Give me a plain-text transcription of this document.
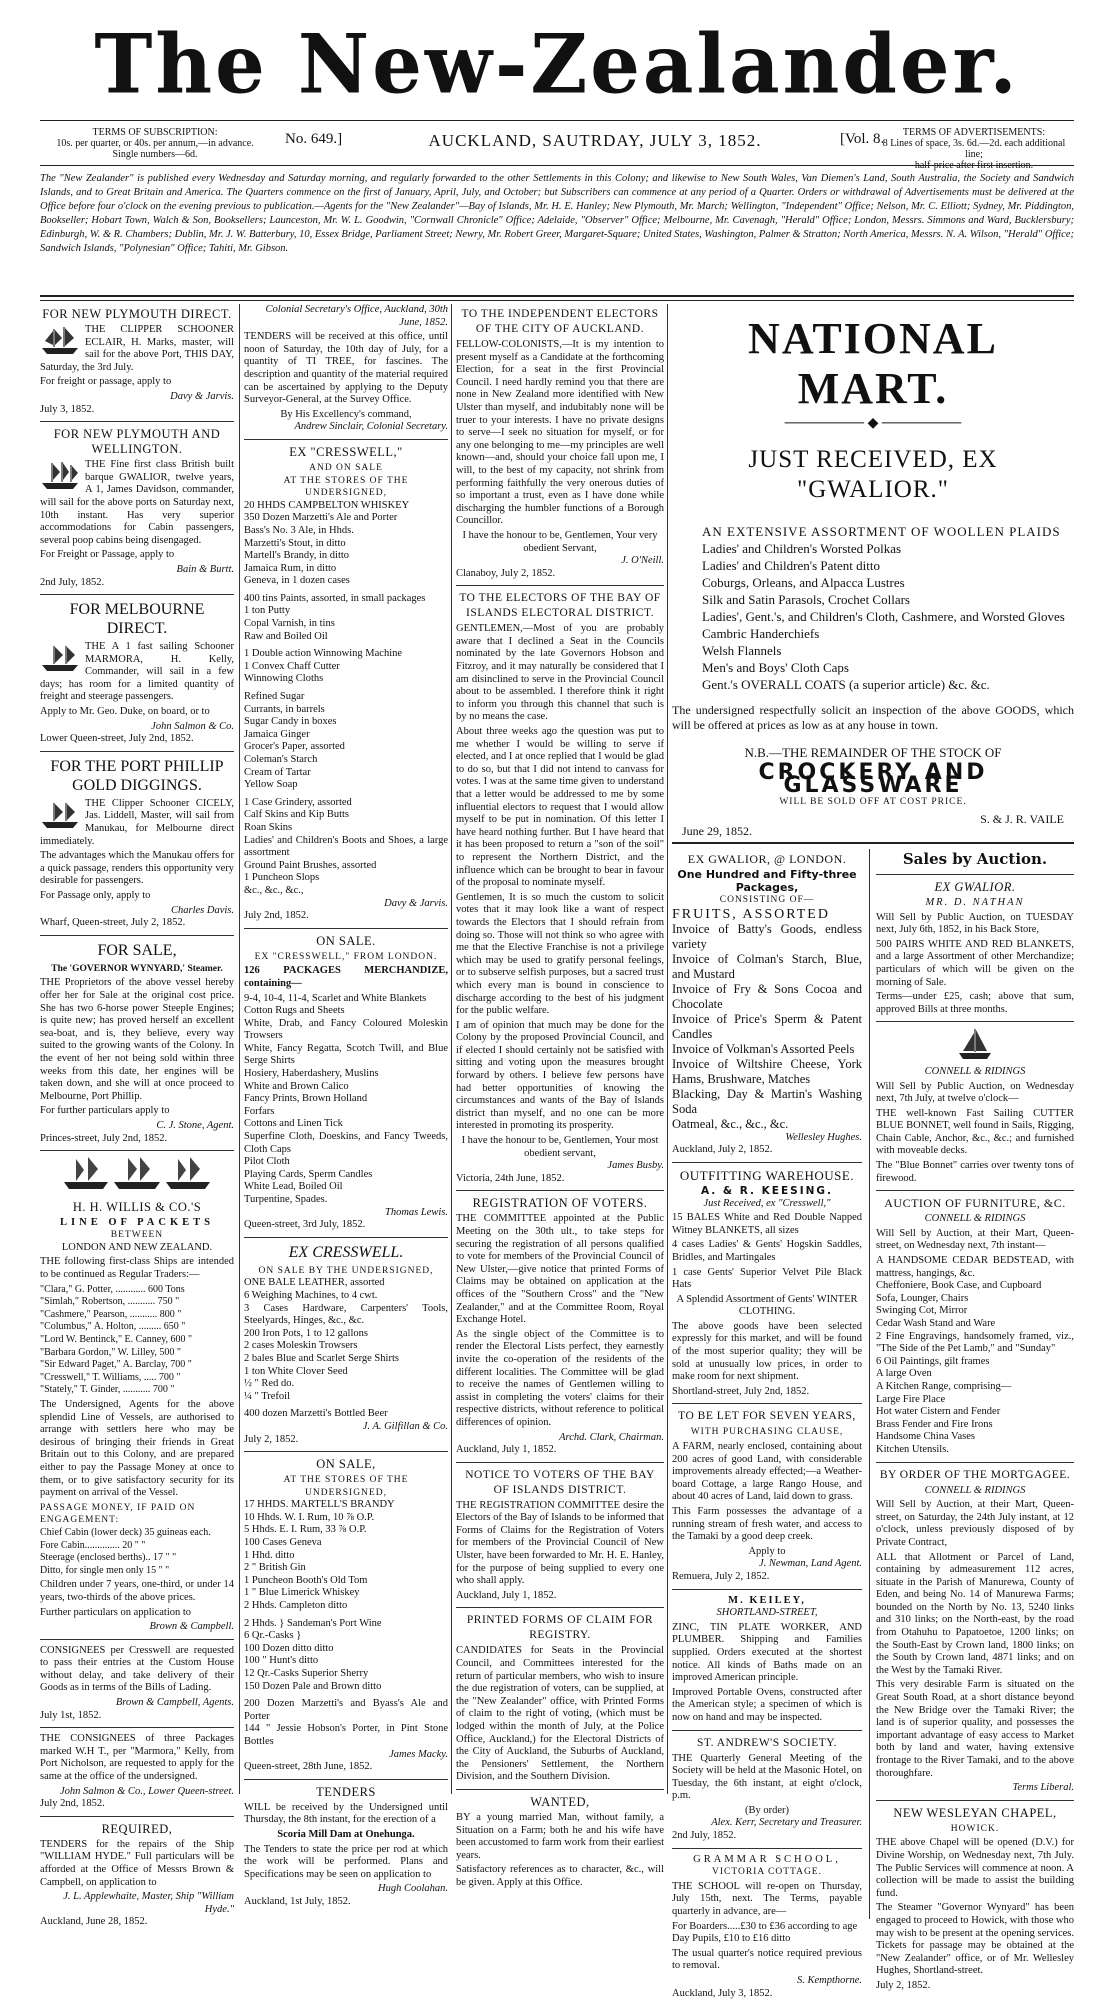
The New-Zealander.
TERMS OF SUBSCRIPTION:
10s. per quarter, or 40s. per annum,—in advance.
Single numbers—6d.
No. 649.]	AUCKLAND, SAUTRDAY, JULY 3, 1852.	[Vol. 8.	TERMS OF ADVERTISEMENTS:
8 Lines of space, 3s. 6d.—2d. each additional line;
half-price after first insertion.
The "New Zealander" is published every Wednesday and Saturday morning, and regularly forwarded to the other Settlements in this Colony; and likewise to New South Wales, Van Diemen's Land, South Australia, the Society and Sandwich Islands, and to Great Britain and America. The Quarters commence on the first of January, April, July, and October; but Subscribers can commence at any period of a Quarter. Orders or withdrawal of Advertisements must be delivered at the Office before four o'clock on the evening previous to publication.—Agents for the "New Zealander"—Bay of Islands, Mr. H. E. Hanley; New Plymouth, Mr. March; Wellington, "Independent" Office; Nelson, Mr. C. Elliott; Sydney, Mr. Piddington, Bookseller; Hobart Town, Walch & Son, Booksellers; Launceston, Mr. W. L. Goodwin, "Cornwall Chronicle" Office; Adelaide, "Observer" Office; Melbourne, Mr. Cavenagh, "Herald" Office; London, Messrs. Simmons and Ward, Bucklersbury; Edinburgh, W. & R. Chambers; Dublin, Mr. J. W. Batterbury, 10, Essex Bridge, Parliament Street; Newry, Mr. Robert Greer, Margaret-Square; United States, Washington, Palmer & Stratton; North America, Messrs. N. A. Wilson, "Herald" Office; Sandwich Islands, "Polynesian" Office; Tahiti, Mr. Gibson.
FOR NEW PLYMOUTH DIRECT.
THE CLIPPER SCHOONER ECLAIR, H. Marks, master, will sail for the above Port, THIS DAY, Saturday, the 3rd July.
For freight or passage, apply to
Davy & Jarvis.
July 3, 1852.
FOR NEW PLYMOUTH AND WELLINGTON.
THE Fine first class British built barque GWALIOR, twelve years, A 1, James Davidson, commander, will sail for the above ports on Saturday next, 10th instant. Has very superior accommodations for Cabin passengers, several poop cabins being disengaged.
For Freight or Passage, apply to
Bain & Burtt.
2nd July, 1852.
FOR MELBOURNE DIRECT.
THE A 1 fast sailing Schooner MARMORA, H. Kelly, Commander, will sail in a few days; has room for a limited quantity of freight and steerage passengers.
Apply to Mr. Geo. Duke, on board, or to
John Salmon & Co.
Lower Queen-street, July 2nd, 1852.
FOR THE PORT PHILLIP GOLD DIGGINGS.
THE Clipper Schooner CICELY, Jas. Liddell, Master, will sail from Manukau, for Melbourne direct immediately.
The advantages which the Manukau offers for a quick passage, renders this opportunity very desirable for passengers.
For Passage only, apply to
Charles Davis.
Wharf, Queen-street, July 2, 1852.
FOR SALE,
The 'GOVERNOR WYNYARD,' Steamer.
THE Proprietors of the above vessel hereby offer her for Sale at the original cost price. She has two 6-horse power Steeple Engines; is quite new; has proved herself an excellent sea-boat, and is, they believe, every way suited to the growing wants of the Colony. In the event of her not being sold within three weeks from this date, her engines will be taken down, and she will at once proceed to Melbourne, Port Phillip.
For further particulars apply to
C. J. Stone, Agent.
Princes-street, July 2nd, 1852.
H. H. WILLIS & CO.'S
LINE OF PACKETS
BETWEEN
LONDON AND NEW ZEALAND.
THE following first-class Ships are intended to be continued as Regular Traders:—
"Clara," G. Potter, ............ 600 Tons
"Simlah," Robertson, ........... 750 "
"Cashmere," Pearson, ........... 800 "
"Columbus," A. Holton, ......... 650 "
"Lord W. Bentinck," E. Canney, 600 "
"Barbara Gordon," W. Lilley, 500 "
"Sir Edward Paget," A. Barclay, 700 "
"Cresswell," T. Williams, ..... 700 "
"Stately," T. Ginder, ........... 700 "
The Undersigned, Agents for the above splendid Line of Vessels, are authorised to arrange with settlers here who may be desirous of bringing their friends in Great Britain out to this Colony, and are prepared either to pay the Passage Money at once to them, or to give satisfactory security for its payment on arrival of the Vessel.
PASSAGE MONEY, IF PAID ON ENGAGEMENT:
Chief Cabin (lower deck) 35 guineas each.
Fore Cabin.............. 20 " "
Steerage (enclosed berths).. 17 " "
Ditto, for single men only 15 " "
Children under 7 years, one-third, or under 14 years, two-thirds of the above prices.
Further particulars on application to
Brown & Campbell.
CONSIGNEES per Cresswell are requested to pass their entries at the Custom House without delay, and take delivery of their Goods as in terms of the Bills of Lading.
Brown & Campbell, Agents.
July 1st, 1852.
THE CONSIGNEES of three Packages marked W.H T., per "Marmora," Kelly, from Port Nicholson, are requested to apply for the same at the office of the undersigned.
John Salmon & Co., Lower Queen-street.
July 2nd, 1852.
REQUIRED,
TENDERS for the repairs of the Ship "WILLIAM HYDE." Full particulars will be afforded at the Office of Messrs Brown & Campbell, on application to
J. L. Applewhaite, Master, Ship "William Hyde."
Auckland, June 28, 1852.
Colonial Secretary's Office, Auckland, 30th June, 1852.
TENDERS will be received at this office, until noon of Saturday, the 10th day of July, for a quantity of TI TREE, for fascines. The description and quantity of the material required can be ascertained by applying to the Deputy Surveyor-General, at the Survey Office.
By His Excellency's command,
Andrew Sinclair, Colonial Secretary.
EX "CRESSWELL,"
AND ON SALE
AT THE STORES OF THE UNDERSIGNED,
20 HHDS CAMPBELTON WHISKEY
350 Dozen Marzetti's Ale and Porter
Bass's No. 3 Ale, in Hhds.
Marzetti's Stout, in ditto
Martell's Brandy, in ditto
Jamaica Rum, in ditto
Geneva, in 1 dozen cases
400 tins Paints, assorted, in small packages
1 ton Putty
Copal Varnish, in tins
Raw and Boiled Oil
1 Double action Winnowing Machine
1 Convex Chaff Cutter
Winnowing Cloths
Refined Sugar
Currants, in barrels
Sugar Candy in boxes
Jamaica Ginger
Grocer's Paper, assorted
Coleman's Starch
Cream of Tartar
Yellow Soap
1 Case Grindery, assorted
Calf Skins and Kip Butts
Roan Skins
Ladies' and Children's Boots and Shoes, a large assortment
Ground Paint Brushes, assorted
1 Puncheon Slops
&c., &c., &c.,
Davy & Jarvis.
July 2nd, 1852.
ON SALE.
EX "CRESSWELL," FROM LONDON.
126 PACKAGES MERCHANDIZE, containing—
9-4, 10-4, 11-4, Scarlet and White Blankets
Cotton Rugs and Sheets
White, Drab, and Fancy Coloured Moleskin Trowsers
White, Fancy Regatta, Scotch Twill, and Blue Serge Shirts
Hosiery, Haberdashery, Muslins
White and Brown Calico
Fancy Prints, Brown Holland
Forfars
Cottons and Linen Tick
Superfine Cloth, Doeskins, and Fancy Tweeds, Cloth Caps
Pilot Cloth
Playing Cards, Sperm Candles
White Lead, Boiled Oil
Turpentine, Spades.
Thomas Lewis.
Queen-street, 3rd July, 1852.
EX CRESSWELL.
ON SALE BY THE UNDERSIGNED,
ONE BALE LEATHER, assorted
6 Weighing Machines, to 4 cwt.
3 Cases Hardware, Carpenters' Tools, Steelyards, Hinges, &c., &c.
200 Iron Pots, 1 to 12 gallons
2 cases Moleskin Trowsers
2 bales Blue and Scarlet Serge Shirts
1 ton White Clover Seed
½ " Red do.
¼ " Trefoil
400 dozen Marzetti's Bottled Beer
J. A. Gilfillan & Co.
July 2, 1852.
ON SALE,
AT THE STORES OF THE UNDERSIGNED,
17 HHDS. MARTELL'S BRANDY
10 Hhds. W. I. Rum, 10 ⅞ O.P.
5 Hhds. E. I. Rum, 33 ⅞ O.P.
100 Cases Geneva
1 Hhd. ditto
2 " British Gin
1 Puncheon Booth's Old Tom
1 " Blue Limerick Whiskey
2 Hhds. Campleton ditto
2 Hhds. } Sandeman's Port Wine
6 Qr.-Casks }
100 Dozen ditto ditto
100 " Hunt's ditto
12 Qr.-Casks Superior Sherry
150 Dozen Pale and Brown ditto
200 Dozen Marzetti's and Byass's Ale and Porter
144 " Jessie Hobson's Porter, in Pint Stone Bottles
James Macky.
Queen-street, 28th June, 1852.
TENDERS
WILL be received by the Undersigned until Thursday, the 8th instant, for the erection of a
Scoria Mill Dam at Onehunga.
The Tenders to state the price per rod at which the work will be performed. Plans and Specifications may be seen on application to
Hugh Coolahan.
Auckland, 1st July, 1852.
TO THE INDEPENDENT ELECTORS OF THE CITY OF AUCKLAND.
FELLOW-COLONISTS,—It is my intention to present myself as a Candidate at the forthcoming Election, for a seat in the first Provincial Council. I need hardly remind you that there are none in New Zealand more identified with New Ulster than myself, and indubitably none will be truer to your interests. I have no private designs to serve—I seek no situation for myself, or for any one belonging to me—my principles are well known—and, should your choice fall upon me, I will, to the best of my capacity, not shrink from performing faithfully the very onerous duties of so important a trust, even as I have done while discharging the humbler functions of a Borough Councillor.
I have the honour to be, Gentlemen, Your very obedient Servant,
J. O'Neill.
Clanaboy, July 2, 1852.
TO THE ELECTORS OF THE BAY OF ISLANDS ELECTORAL DISTRICT.
GENTLEMEN,—Most of you are probably aware that I declined a Seat in the Councils nominated by the late Governors Hobson and Fitzroy, and it may naturally be considered that I am disinclined to serve in the Provincial Council about to be assembled. I therefore think it right to inform you through this channel that such is by no means the case.
About three weeks ago the question was put to me whether I would be willing to serve if elected, and I at once replied that I would be glad to do so, but that I did not intend to canvass for votes. I was at the same time given to understand that a letter would be addressed to me by some influential electors to request that I would allow myself to be put in nomination. Of this letter I have heard nothing further. But I have heard that it has been proposed to return a "son of the soil" to represent the Northern District, and the influence which can be brought to bear in favour of the proposal to nominate myself.
Gentlemen, It is so much the custom to solicit votes that it may look like a want of respect towards the Electors that I should refrain from doing so. Those will not think so who agree with me that the Elective Franchise is not a privilege which may be used to gratify personal feelings, or to subserve selfish purposes, but a sacred trust which every man is bound in conscience to discharge according to the best of his judgment for the public welfare.
I am of opinion that much may be done for the Colony by the proposed Provincial Council, and if elected I should certainly not be satisfied with sitting and voting upon the measures brought forward by others. I believe few persons have had better opportunities of knowing the circumstances and wants of the Bay of Islands district than myself, and no one can be more interested in promoting its prosperity.
I have the honour to be, Gentlemen, Your most obedient servant,
James Busby.
Victoria, 24th June, 1852.
REGISTRATION OF VOTERS.
THE COMMITTEE appointed at the Public Meeting on the 30th ult., to take steps for securing the registration of all persons qualified to vote for members of the Provincial Council of New Ulster,—give notice that printed Forms of Claims may be obtained on application at the offices of the "Southern Cross" and the "New Zealander," and at the Committee Room, Royal Exchange Hotel.
As the single object of the Committee is to render the Electoral Lists perfect, they earnestly invite the co-operation of the residents of the different localities. The Committee will be glad to receive the names of Gentlemen willing to assist in completing the voters' claims for their respective districts, without reference to political differences of opinion.
Archd. Clark, Chairman.
Auckland, July 1, 1852.
NOTICE TO VOTERS OF THE BAY OF ISLANDS DISTRICT.
THE REGISTRATION COMMITTEE desire the Electors of the Bay of Islands to be informed that Forms of Claims for the Registration of Voters for members of the Provincial Council of New Ulster, have been forwarded to Mr. H. E. Hanley, for the purpose of being supplied to every one who shall apply.
Auckland, July 1, 1852.
PRINTED FORMS OF CLAIM FOR REGISTRY.
CANDIDATES for Seats in the Provincial Council, and Committees interested for the return of particular members, who wish to insure the due registration of voters, can be supplied, at the "New Zealander" office, with Printed Forms of claim to the right of voting, (which must be lodged within the month of July, at the Police Office, Auckland,) for the Electoral Districts of the City of Auckland, the Suburbs of Auckland, the Pensioners' Settlement, the Northern Division, and the Southern Division.
WANTED,
BY a young married Man, without family, a Situation on a Farm; both he and his wife have been accustomed to farm work from their earliest years.
Satisfactory references as to character, &c., will be given. Apply at this Office.
NATIONAL MART.
──────── ◆ ────────
JUST RECEIVED, EX "GWALIOR."
AN EXTENSIVE ASSORTMENT OF WOOLLEN PLAIDS
Ladies' and Children's Worsted Polkas
Ladies' and Children's Patent ditto
Coburgs, Orleans, and Alpacca Lustres
Silk and Satin Parasols, Crochet Collars
Ladies', Gent.'s, and Children's Cloth, Cashmere, and Worsted Gloves
Cambric Handerchiefs
Welsh Flannels
Men's and Boys' Cloth Caps
Gent.'s OVERALL COATS (a superior article) &c. &c.
The undersigned respectfully solicit an inspection of the above GOODS, which will be offered at prices as low as at any house in town.
N.B.—THE REMAINDER OF THE STOCK OF
CROCKERY AND GLASSWARE
WILL BE SOLD OFF AT COST PRICE.
S. & J. R. VAILE
June 29, 1852.
EX GWALIOR, @ LONDON.
One Hundred and Fifty-three Packages,
CONSISTING OF—
FRUITS, ASSORTED
Invoice of Batty's Goods, endless variety
Invoice of Colman's Starch, Blue, and Mustard
Invoice of Fry & Sons Cocoa and Chocolate
Invoice of Price's Sperm & Patent Candles
Invoice of Volkman's Assorted Peels
Invoice of Wiltshire Cheese, York Hams, Brushware, Matches
Blacking, Day & Martin's Washing Soda
Oatmeal, &c., &c., &c.
Wellesley Hughes.
Auckland, July 2, 1852.
OUTFITTING WAREHOUSE.
A. & R. KEESING.
Just Received, ex "Cresswell,"
15 BALES White and Red Double Napped Witney BLANKETS, all sizes
4 cases Ladies' & Gents' Hogskin Saddles, Bridles, and Martingales
1 case Gents' Superior Velvet Pile Black Hats
A Splendid Assortment of Gents' WINTER CLOTHING.
The above goods have been selected expressly for this market, and will be found of the most superior quality; they will be sold at unusually low prices, in order to make room for next shipment.
Shortland-street, July 2nd, 1852.
TO BE LET FOR SEVEN YEARS,
WITH PURCHASING CLAUSE,
A FARM, nearly enclosed, containing about 200 acres of good Land, with considerable improvements already effected;—a Weather-board Cottage, a large Rango House, and about 40 acres of Land, laid down to grass.
This Farm possesses the advantage of a running stream of fresh water, and access to the Tamaki by a good deep creek.
Apply to
J. Newman, Land Agent.
Remuera, July 2, 1852.
M. KEILEY,
SHORTLAND-STREET,
ZINC, TIN PLATE WORKER, AND PLUMBER. Shipping and Families supplied. Orders executed at the shortest notice. All kinds of Baths made on an improved American principle.
Improved Portable Ovens, constructed after the American style; a specimen of which is now on hand and may be inspected.
ST. ANDREW'S SOCIETY.
THE Quarterly General Meeting of the Society will be held at the Masonic Hotel, on Tuesday, the 6th instant, at eight o'clock, p.m.
(By order)
Alex. Kerr, Secretary and Treasurer.
2nd July, 1852.
GRAMMAR SCHOOL,
VICTORIA COTTAGE.
THE SCHOOL will re-open on Thursday, July 15th, next. The Terms, payable quarterly in advance, are—
For Boarders.....£30 to £36 according to age
Day Pupils, £10 to £16 ditto
The usual quarter's notice required previous to removal.
S. Kempthorne.
Auckland, July 3, 1852.
Sales by Auction.
EX GWALIOR.
MR. D. NATHAN
Will Sell by Public Auction, on TUESDAY next, July 6th, 1852, in his Back Store,
500 PAIRS WHITE AND RED BLANKETS, and a large Assortment of other Merchandize; particulars of which will be given on the morning of Sale.
Terms—under £25, cash; above that sum, approved Bills at three months.
CONNELL & RIDINGS
Will Sell by Public Auction, on Wednesday next, 7th July, at twelve o'clock—
THE well-known Fast Sailing CUTTER BLUE BONNET, well found in Sails, Rigging, Chain Cable, Anchor, &c., &c.; and furnished with moveable decks.
The "Blue Bonnet" carries over twenty tons of firewood.
AUCTION OF FURNITURE, &C.
CONNELL & RIDINGS
Will Sell by Auction, at their Mart, Queen-street, on Wednesday next, 7th instant—
A HANDSOME CEDAR BEDSTEAD, with mattress, hangings, &c.
Cheffoniere, Book Case, and Cupboard
Sofa, Lounger, Chairs
Swinging Cot, Mirror
Cedar Wash Stand and Ware
2 Fine Engravings, handsomely framed, viz., "The Side of the Pet Lamb," and "Sunday"
6 Oil Paintings, gilt frames
A large Oven
A Kitchen Range, comprising—
Large Fire Place
Hot water Cistern and Fender
Brass Fender and Fire Irons
Handsome China Vases
Kitchen Utensils.
BY ORDER OF THE MORTGAGEE.
CONNELL & RIDINGS
Will Sell by Auction, at their Mart, Queen-street, on Saturday, the 24th July instant, at 12 o'clock, unless previously disposed of by Private Contract,
ALL that Allotment or Parcel of Land, containing by admeasurement 112 acres, situate in the Parish of Manurewa, County of Eden, and being No. 14 of Manurewa Farms; bounded on the North by No. 13, 5240 links and 310 links; on the North-east, by the road from Otahuhu to Papatoetoe, 1200 links; on the South-East by Crown land, 1800 links; on the South by Crown land, 4871 links; and on the West by the Tamaki River.
This very desirable Farm is situated on the Great South Road, at a short distance beyond the New Bridge over the Tamaki River; the land is of superior quality, and possesses the important advantage of easy access to Market both by land and water, having extensive frontage to the River Tamaki, and to the above thoroughfare.
Terms Liberal.
NEW WESLEYAN CHAPEL,
HOWICK.
THE above Chapel will be opened (D.V.) for Divine Worship, on Wednesday next, 7th July. The Public Services will commence at noon. A collection will be made to assist the building fund.
The Steamer "Governor Wynyard" has been engaged to proceed to Howick, with those who may wish to be present at the opening services. Tickets for passage may be obtained at the "New Zealander" office, or of Mr. Wellesley Hughes, Shortland-street.
July 2, 1852.
